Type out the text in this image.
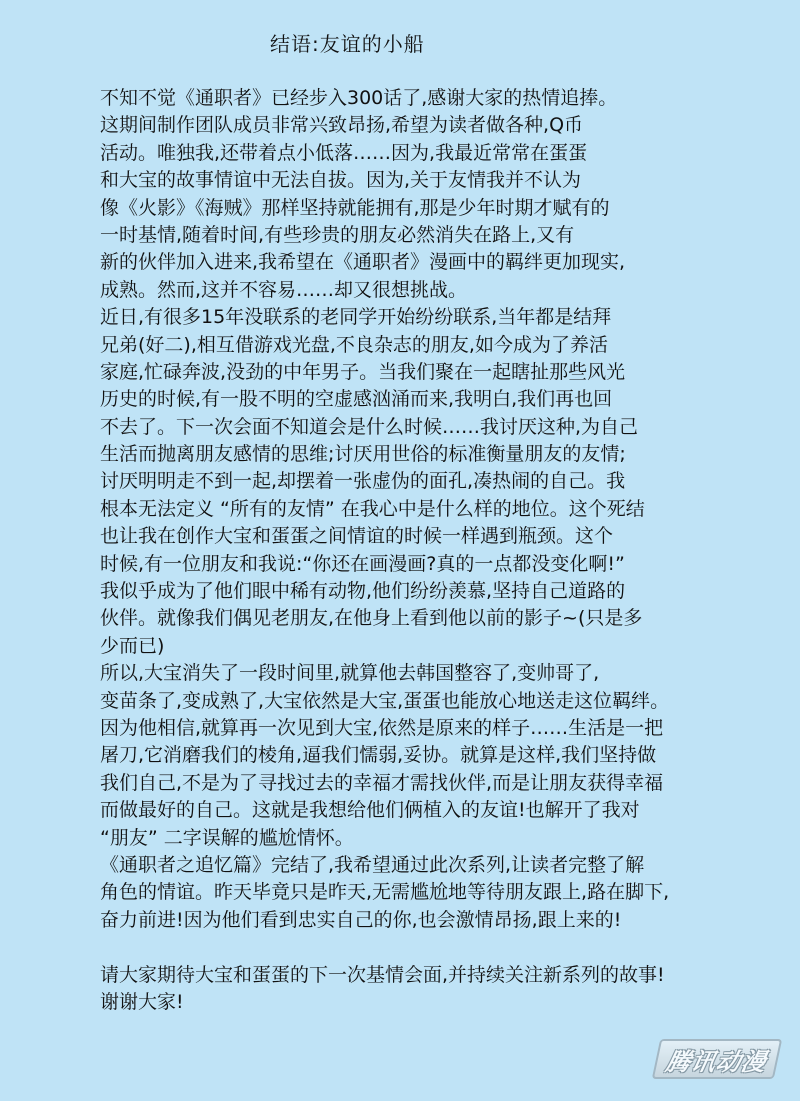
结语:友谊的小船
不知不觉《通职者》已经步入300话了,感谢大家的热情追捧。
这期间制作团队成员非常兴致昂扬,希望为读者做各种,Q币
活动。唯独我,还带着点小低落……因为,我最近常常在蛋蛋
和大宝的故事情谊中无法自拔。因为,关于友情我并不认为
像《火影》《海贼》那样坚持就能拥有,那是少年时期才赋有的
一时基情,随着时间,有些珍贵的朋友必然消失在路上,又有
新的伙伴加入进来,我希望在《通职者》漫画中的羁绊更加现实,
成熟。然而,这并不容易……却又很想挑战。
近日,有很多15年没联系的老同学开始纷纷联系,当年都是结拜
兄弟(好二),相互借游戏光盘,不良杂志的朋友,如今成为了养活
家庭,忙碌奔波,没劲的中年男子。当我们聚在一起瞎扯那些风光
历史的时候,有一股不明的空虚感汹涌而来,我明白,我们再也回
不去了。下一次会面不知道会是什么时候……我讨厌这种,为自己
生活而抛离朋友感情的思维;讨厌用世俗的标准衡量朋友的友情;
讨厌明明走不到一起,却摆着一张虚伪的面孔,凑热闹的自己。我
根本无法定义 “所有的友情” 在我心中是什么样的地位。这个死结
也让我在创作大宝和蛋蛋之间情谊的时候一样遇到瓶颈。这个
时候,有一位朋友和我说:“你还在画漫画?真的一点都没变化啊!”
我似乎成为了他们眼中稀有动物,他们纷纷羡慕,坚持自己道路的
伙伴。就像我们偶见老朋友,在他身上看到他以前的影子~(只是多
少而已)
所以,大宝消失了一段时间里,就算他去韩国整容了,变帅哥了,
变苗条了,变成熟了,大宝依然是大宝,蛋蛋也能放心地送走这位羁绊。
因为他相信,就算再一次见到大宝,依然是原来的样子……生活是一把
屠刀,它消磨我们的棱角,逼我们懦弱,妥协。就算是这样,我们坚持做
我们自己,不是为了寻找过去的幸福才需找伙伴,而是让朋友获得幸福
而做最好的自己。这就是我想给他们俩植入的友谊!也解开了我对
“朋友” 二字误解的尴尬情怀。
《通职者之追忆篇》完结了,我希望通过此次系列,让读者完整了解
角色的情谊。昨天毕竟只是昨天,无需尴尬地等待朋友跟上,路在脚下,
奋力前进!因为他们看到忠实自己的你,也会激情昂扬,跟上来的!
请大家期待大宝和蛋蛋的下一次基情会面,并持续关注新系列的故事!
谢谢大家!
腾讯动漫
